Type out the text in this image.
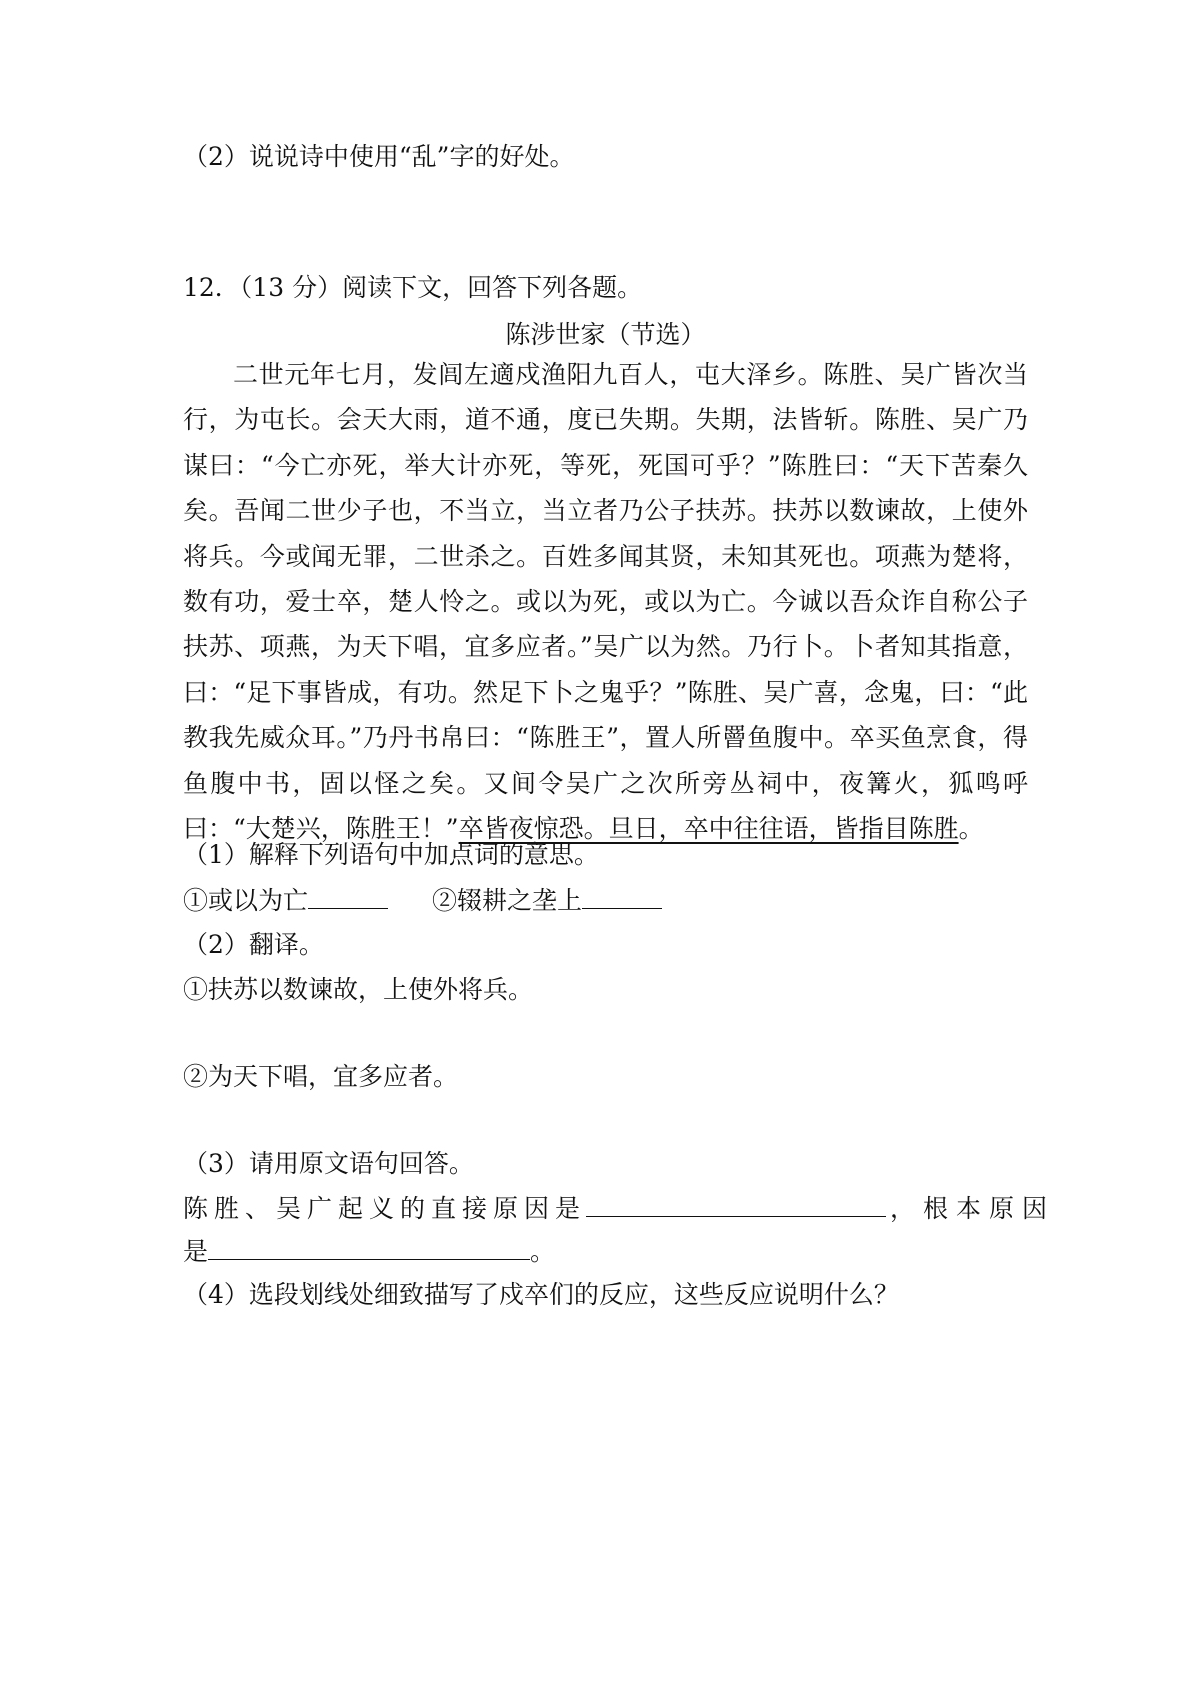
（2）说说诗中使用“乱”字的好处。
12．（13 分）阅读下文，回答下列各题。
陈涉世家（节选）
二世元年七月，发闾左適戍渔阳九百人，屯大泽乡。陈胜、吴广皆次当行，为屯长。会天大雨，道不通，度已失期。失期，法皆斩。陈胜、吴广乃谋曰：“今亡亦死，举大计亦死，等死，死国可乎？”陈胜曰：“天下苦秦久矣。吾闻二世少子也，不当立，当立者乃公子扶苏。扶苏以数谏故，上使外将兵。今或闻无罪，二世杀之。百姓多闻其贤，未知其死也。项燕为楚将，数有功，爱士卒，楚人怜之。或以为死，或以为亡。今诚以吾众诈自称公子扶苏、项燕，为天下唱，宜多应者。”吴广以为然。乃行卜。卜者知其指意，曰：“足下事皆成，有功。然足下卜之鬼乎？”陈胜、吴广喜，念鬼，曰：“此教我先威众耳。”乃丹书帛曰：“陈胜王”，置人所罾鱼腹中。卒买鱼烹食，得鱼腹中书，固以怪之矣。又间令吴广之次所旁丛祠中，夜篝火，狐鸣呼曰：“大楚兴，陈胜王！”卒皆夜惊恐。旦日，卒中往往语，皆指目陈胜。
（1）解释下列语句中加点词的意思。
①或以为亡	②辍耕之垄上
（2）翻译。
①扶苏以数谏故，上使外将兵。
②为天下唱，宜多应者。
（3）请用原文语句回答。
陈胜、吴广起义的直接原因是	，根本原因
是	。
（4）选段划线处细致描写了戍卒们的反应，这些反应说明什么？
